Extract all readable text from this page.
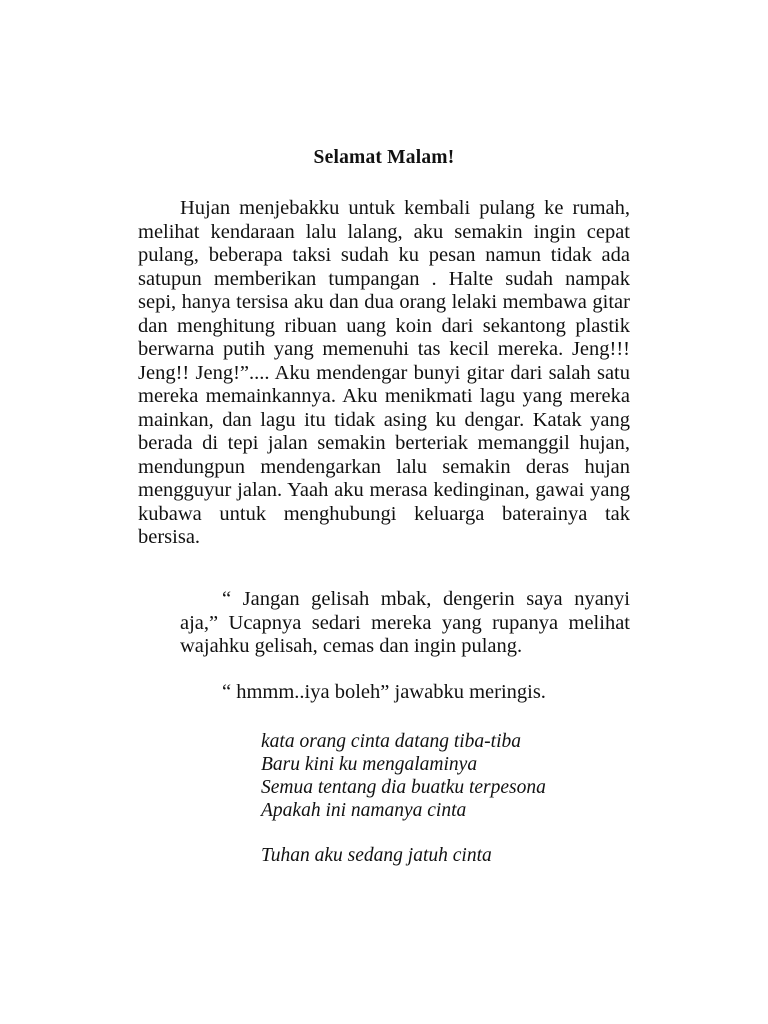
Selamat Malam!

Hujan menjebakku untuk kembali pulang ke rumah, melihat kendaraan lalu lalang, aku semakin ingin cepat pulang, beberapa taksi sudah ku pesan namun tidak ada satupun memberikan tumpangan . Halte sudah nampak sepi, hanya tersisa aku dan dua orang lelaki membawa gitar dan menghitung ribuan uang koin dari sekantong plastik berwarna putih yang memenuhi tas kecil mereka. Jeng!!! Jeng!! Jeng!”.... Aku mendengar bunyi gitar dari salah satu mereka memainkannya. Aku menikmati lagu yang mereka mainkan, dan lagu itu tidak asing ku dengar. Katak yang berada di tepi jalan semakin berteriak memanggil hujan, mendungpun mendengarkan lalu semakin deras hujan mengguyur jalan. Yaah aku merasa kedinginan, gawai yang kubawa untuk menghubungi keluarga baterainya tak bersisa.

“ Jangan gelisah mbak, dengerin saya nyanyi aja,” Ucapnya sedari mereka yang rupanya melihat wajahku gelisah, cemas dan ingin pulang.

“ hmmm..iya boleh” jawabku meringis.

kata orang cinta datang tiba-tiba
Baru kini ku mengalaminya
Semua tentang dia buatku terpesona
Apakah ini namanya cinta
Tuhan aku sedang jatuh cinta
